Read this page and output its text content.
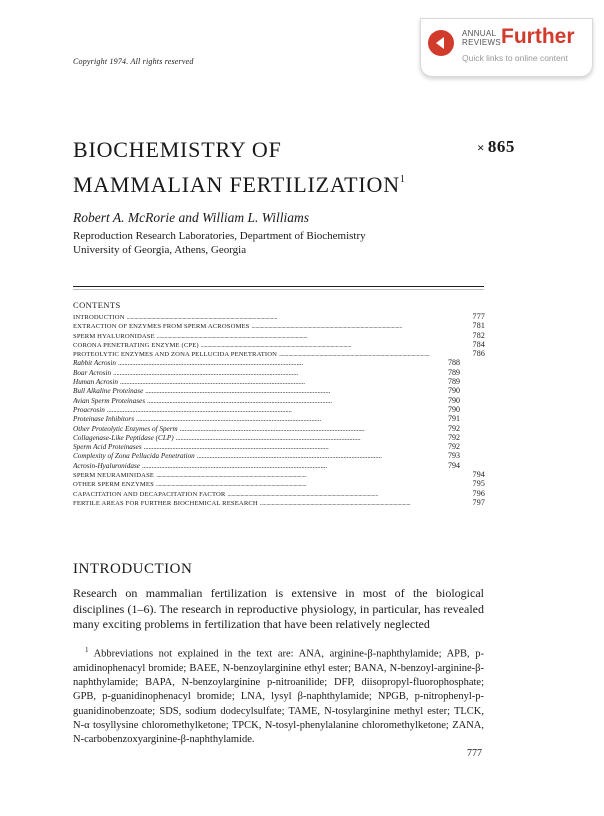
Copyright 1974. All rights reserved
ANNUAL
REVIEWS Further
Quick links to online content
BIOCHEMISTRY OF MAMMALIAN $FERTILIZATION^1$
× 865
Robert A. McRorie and William L. Williams
Reproduction Research Laboratories, Department of Biochemistry
University of Georgia, Athens, Georgia
CONTENTS
INTRODUCTION . . .	777
EXTRACTION OF ENZYMES FROM SPERM ACROSOMES . . .	781
SPERM HYALURONIDASE . . .	782
CORONA PENETRATING ENZYME (CPE) . . .	784
PROTEOLYTIC ENZYMES AND ZONA PELLUCIDA PENETRATION . . .	786
Rabbit Acrosin . . .	788
Boar Acrosin . . .	789
Human Acrosin . . .	789
Bull Alkaline Proteinase . . .	790
Avian Sperm Proteinases . . .	790
Proacrosin . . .	790
Proteinase Inhibitors . . .	791
Other Proteolytic Enzymes of Sperm . . .	792
Collagenase-Like Peptidase (CLP) . . .	792
Sperm Acid Proteinases . . .	792
Complexity of Zona Pellucida Penetration . . .	793
Acrosin-Hyaluronidase . . .	794
SPERM NEURAMINIDASE . . .	794
OTHER SPERM ENZYMES . . .	795
CAPACITATION AND DECAPACITATION FACTOR . . .	796
FERTILE AREAS FOR FURTHER BIOCHEMICAL RESEARCH . . .	797
INTRODUCTION
Research on mammalian fertilization is extensive in most of the biological disciplines (1–6). The research in reproductive physiology, in particular, has revealed many exciting problems in fertilization that have been relatively neglected
$^1$ Abbreviations not explained in the text are: ANA, arginine-β-naphthylamide; APB, p-amidinophenacyl bromide; BAEE, N-benzoylarginine ethyl ester; BANA, N-benzoyl-arginine-β-naphthylamide; BAPA, N-benzoylarginine p-nitroanilide; DFP, diisopropyl-fluorophosphate; GPB, p-guanidinophenacyl bromide; LNA, lysyl β-naphthylamide; NPGB, p-nitrophenyl-p-guanidinobenzoate; SDS, sodium dodecylsulfate; TAME, N-tosylarginine methyl ester; TLCK, N-α tosyllysine chloromethylketone; TPCK, N-tosyl-phenylalanine chloromethylketone; ZANA, N-carbobenzoxyarginine-β-naphthylamide.
777
